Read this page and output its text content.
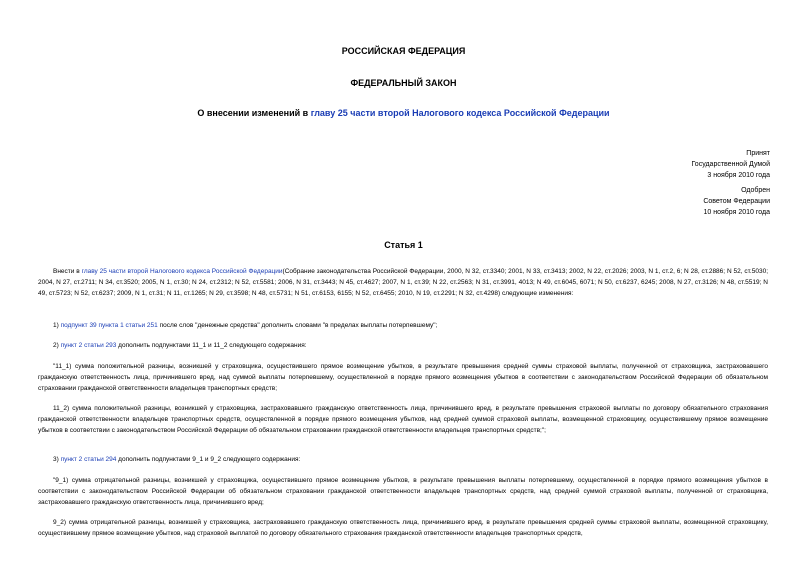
РОССИЙСКАЯ ФЕДЕРАЦИЯ
ФЕДЕРАЛЬНЫЙ ЗАКОН
О внесении изменений в главу 25 части второй Налогового кодекса Российской Федерации
Принят
Государственной Думой
3 ноября 2010 года
Одобрен
Советом Федерации
10 ноября 2010 года
Статья 1
Внести в главу 25 части второй Налогового кодекса Российской Федерации(Собрание законодательства Российской Федерации, 2000, N 32, ст.3340; 2001, N 33, ст.3413; 2002, N 22, ст.2026; 2003, N 1, ст.2, 6; N 28, ст.2886; N 52, ст.5030; 2004, N 27, ст.2711; N 34, ст.3520; 2005, N 1, ст.30; N 24, ст.2312; N 52, ст.5581; 2006, N 31, ст.3443; N 45, ст.4627; 2007, N 1, ст.39; N 22, ст.2563; N 31, ст.3991, 4013; N 49, ст.6045, 6071; N 50, ст.6237, 6245; 2008, N 27, ст.3126; N 48, ст.5519; N 49, ст.5723; N 52, ст.6237; 2009, N 1, ст.31; N 11, ст.1265; N 29, ст.3598; N 48, ст.5731; N 51, ст.6153, 6155; N 52, ст.6455; 2010, N 19, ст.2291; N 32, ст.4298) следующие изменения:
1) подпункт 39 пункта 1 статьи 251 после слов "денежные средства" дополнить словами "в пределах выплаты потерпевшему";
2) пункт 2 статьи 293 дополнить подпунктами 11_1 и 11_2 следующего содержания:
"11_1) сумма положительной разницы, возникшей у страховщика, осуществившего прямое возмещение убытков, в результате превышения средней суммы страховой выплаты, полученной от страховщика, застраховавшего гражданскую ответственность лица, причинившего вред, над суммой выплаты потерпевшему, осуществленной в порядке прямого возмещения убытков в соответствии с законодательством Российской Федерации об обязательном страховании гражданской ответственности владельцев транспортных средств;
11_2) сумма положительной разницы, возникшей у страховщика, застраховавшего гражданскую ответственность лица, причинившего вред, в результате превышения страховой выплаты по договору обязательного страхования гражданской ответственности владельцев транспортных средств, осуществленной в порядке прямого возмещения убытков, над средней суммой страховой выплаты, возмещенной страховщику, осуществившему прямое возмещение убытков в соответствии с законодательством Российской Федерации об обязательном страховании гражданской ответственности владельцев транспортных средств;";
3) пункт 2 статьи 294 дополнить подпунктами 9_1 и 9_2 следующего содержания:
"9_1) сумма отрицательной разницы, возникшей у страховщика, осуществившего прямое возмещение убытков, в результате превышения выплаты потерпевшему, осуществленной в порядке прямого возмещения убытков в соответствии с законодательством Российской Федерации об обязательном страховании гражданской ответственности владельцев транспортных средств, над средней суммой страховой выплаты, полученной от страховщика, застраховавшего гражданскую ответственность лица, причинившего вред;
9_2) сумма отрицательной разницы, возникшей у страховщика, застраховавшего гражданскую ответственность лица, причинившего вред, в результате превышения средней суммы страховой выплаты, возмещенной страховщику, осуществившему прямое возмещение убытков, над страховой выплатой по договору обязательного страхования гражданской ответственности владельцев транспортных средств,
